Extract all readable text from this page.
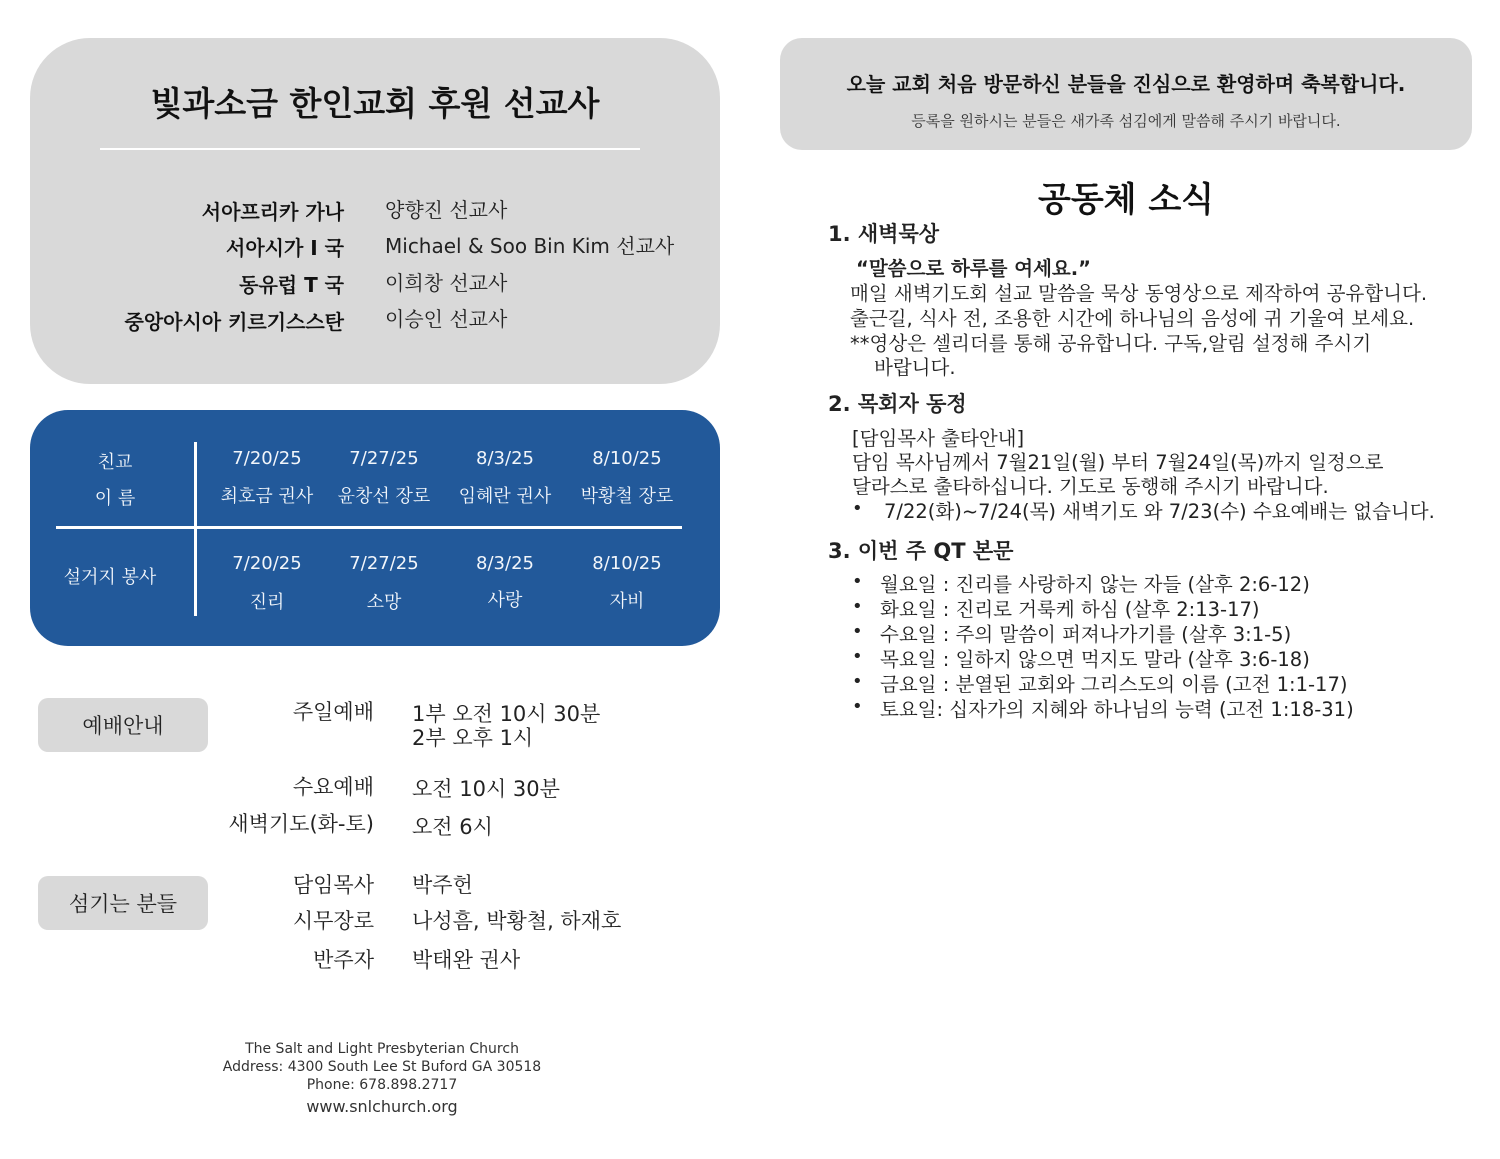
빛과소금 한인교회 후원 선교사
서아프리카 가나 양향진 선교사
서아시가 I 국 Michael & Soo Bin Kim 선교사
동유럽 T 국 이희창 선교사
중앙아시아 키르기스스탄 이승인 선교사
친교
이 름
7/20/25	7/27/25	8/3/25	8/10/25
최호금 권사	윤창선 장로	임혜란 권사	박황철 장로
설거지 봉사
7/20/25	7/27/25	8/3/25	8/10/25
진리	소망	사랑	자비
예배안내
주일예배 1부 오전 10시 30분
2부 오후 1시
수요예배 오전 10시 30분
새벽기도(화-토) 오전 6시
섬기는 분들
담임목사 박주헌
시무장로 나성흠, 박황철, 하재호
반주자 박태완 권사
The Salt and Light Presbyterian Church
Address: 4300 South Lee St Buford GA 30518
Phone: 678.898.2717
www.snlchurch.org
오늘 교회 처음 방문하신 분들을 진심으로 환영하며 축복합니다.
등록을 원하시는 분들은 새가족 섬김에게 말씀해 주시기 바랍니다.
공동체 소식
1. 새벽묵상
“말씀으로 하루를 여세요.”
매일 새벽기도회 설교 말씀을 묵상 동영상으로 제작하여 공유합니다.
출근길, 식사 전, 조용한 시간에 하나님의 음성에 귀 기울여 보세요.
**영상은 셀리더를 통해 공유합니다. 구독,알림 설정해 주시기
바랍니다.
2. 목회자 동정
[담임목사 출타안내]
담임 목사님께서 7월21일(월) 부터 7월24일(목)까지 일정으로
달라스로 출타하십니다. 기도로 동행해 주시기 바랍니다.
• 7/22(화)~7/24(목) 새벽기도 와 7/23(수) 수요예배는 없습니다.
3. 이번 주 QT 본문
• 월요일 : 진리를 사랑하지 않는 자들 (살후 2:6-12)
• 화요일 : 진리로 거룩케 하심 (살후 2:13-17)
• 수요일 : 주의 말씀이 퍼져나가기를 (살후 3:1-5)
• 목요일 : 일하지 않으면 먹지도 말라 (살후 3:6-18)
• 금요일 : 분열된 교회와 그리스도의 이름 (고전 1:1-17)
• 토요일: 십자가의 지혜와 하나님의 능력 (고전 1:18-31)
